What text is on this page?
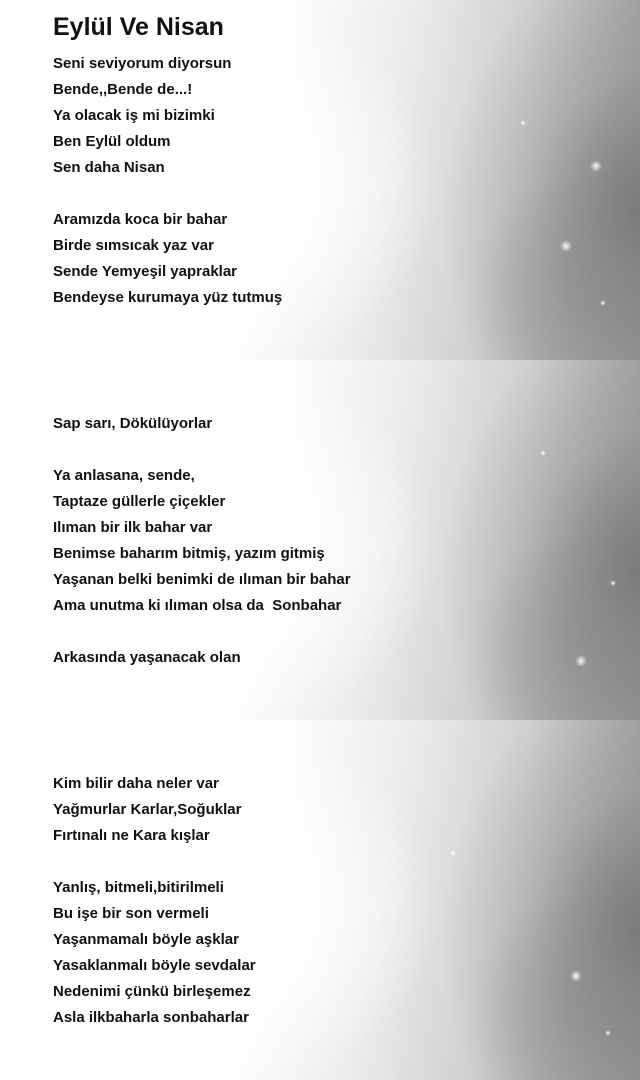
Eylül Ve Nisan
Seni seviyorum diyorsun
Bende,,Bende de...!
Ya olacak iş mi bizimki
Ben Eylül oldum
Sen daha Nisan
Aramızda koca bir bahar
Birde sımsıcak yaz var
Sende Yemyeşil yapraklar
Bendeyse kurumaya yüz tutmuş
Sap sarı, Dökülüyorlar
Ya anlasana, sende,
Taptaze güllerle çiçekler
Ilıman bir ilk bahar var
Benimse baharım bitmiş, yazım gitmiş
Yaşanan belki benimki de ılıman bir bahar
Ama unutma ki ılıman olsa da  Sonbahar
Arkasında yaşanacak olan
Kim bilir daha neler var
Yağmurlar Karlar,Soğuklar
Fırtınalı ne Kara kışlar
Yanlış, bitmeli,bitirilmeli
Bu işe bir son vermeli
Yaşanmamalı böyle aşklar
Yasaklanmalı böyle sevdalar
Nedenimi çünkü birleşemez
Asla ilkbaharla sonbaharlar
